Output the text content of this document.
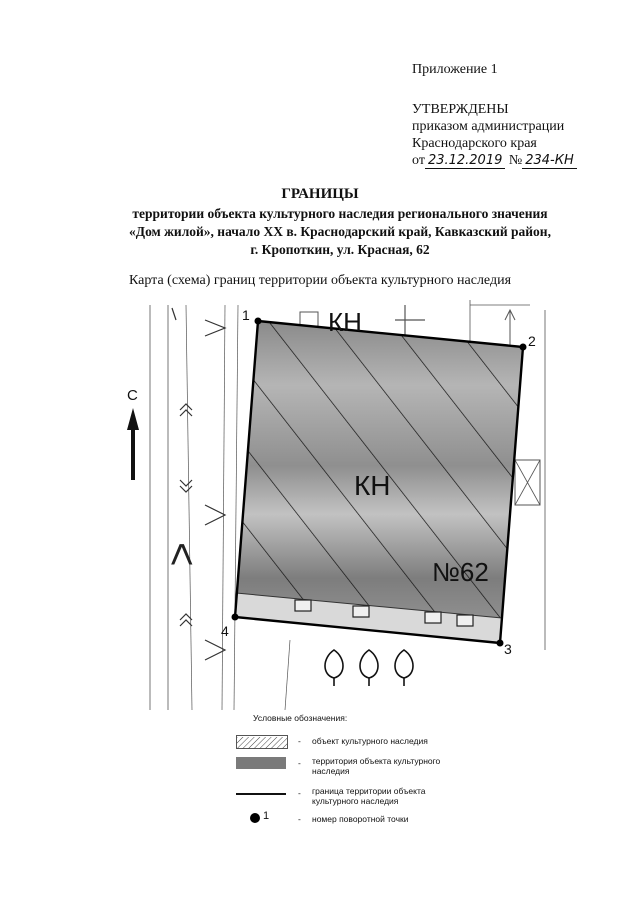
Приложение 1
УТВЕРЖДЕНЫ
приказом администрации
Краснодарского края
от 23.12.2019 № 234-КН
ГРАНИЦЫ
территории объекта культурного наследия регионального значения
«Дом жилой», начало XX в. Краснодарский край, Кавказский район,
г. Кропоткин, ул. Красная, 62
Карта (схема) границ территории объекта культурного наследия
<
С
1
2
3
4
КН
КН
№62
Условные обозначения:
- объект культурного наследия
- территория объекта культурного наследия
- граница территории объекта культурного наследия
1	- номер поворотной точки
